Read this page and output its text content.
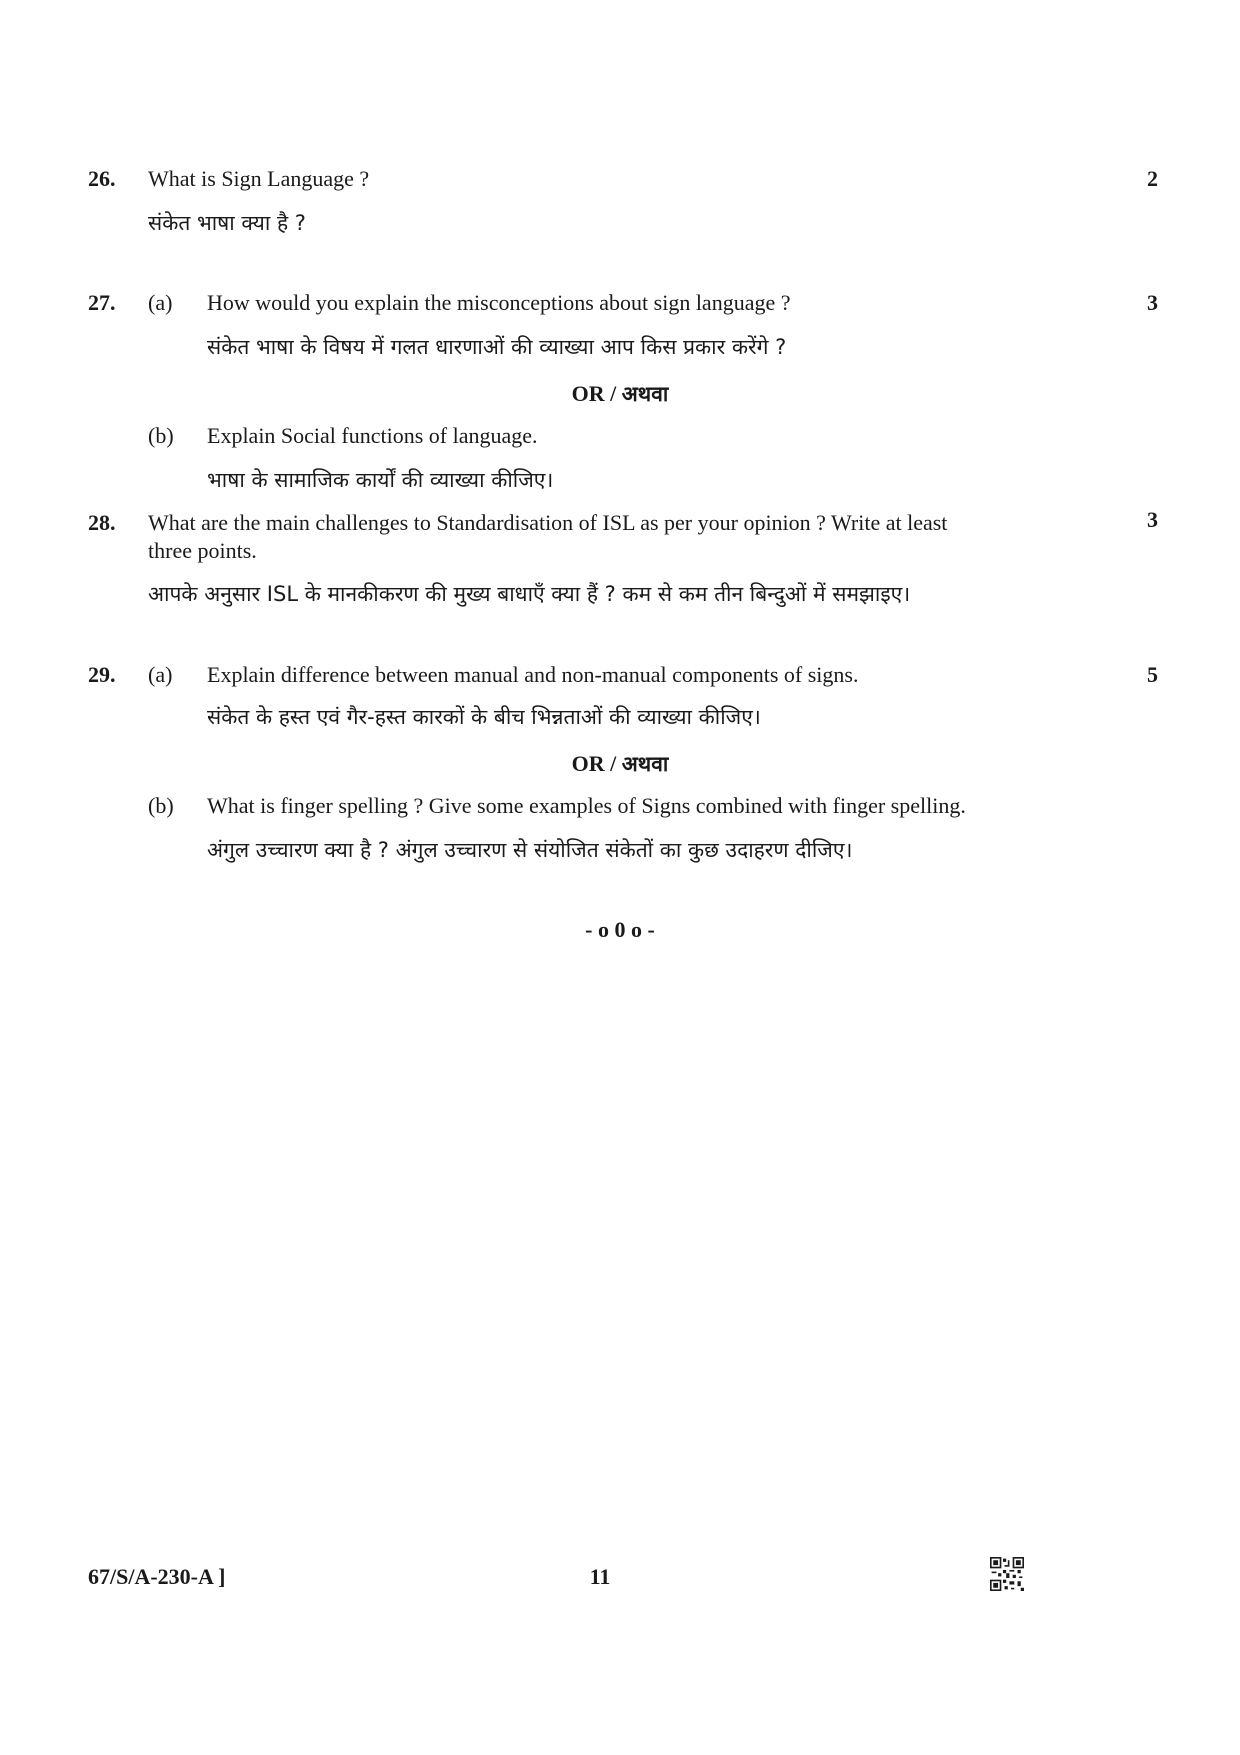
26. What is Sign Language ?	2
संकेत भाषा क्या है ?
27. (a) How would you explain the misconceptions about sign language ?	3
संकेत भाषा के विषय में गलत धारणाओं की व्याख्या आप किस प्रकार करेंगे ?
OR / अथवा
(b) Explain Social functions of language.
भाषा के सामाजिक कार्यों की व्याख्या कीजिए।
28. What are the main challenges to Standardisation of ISL as per your opinion ? Write at least	3
three points.
आपके अनुसार ISL के मानकीकरण की मुख्य बाधाएँ क्या हैं ? कम से कम तीन बिन्दुओं में समझाइए।
29. (a) Explain difference between manual and non-manual components of signs.	5
संकेत के हस्त एवं गैर-हस्त कारकों के बीच भिन्नताओं की व्याख्या कीजिए।
OR / अथवा
(b) What is finger spelling ? Give some examples of Signs combined with finger spelling.
अंगुल उच्चारण क्या है ? अंगुल उच्चारण से संयोजित संकेतों का कुछ उदाहरण दीजिए।
- o 0 o -
67/S/A-230-A ]	11
